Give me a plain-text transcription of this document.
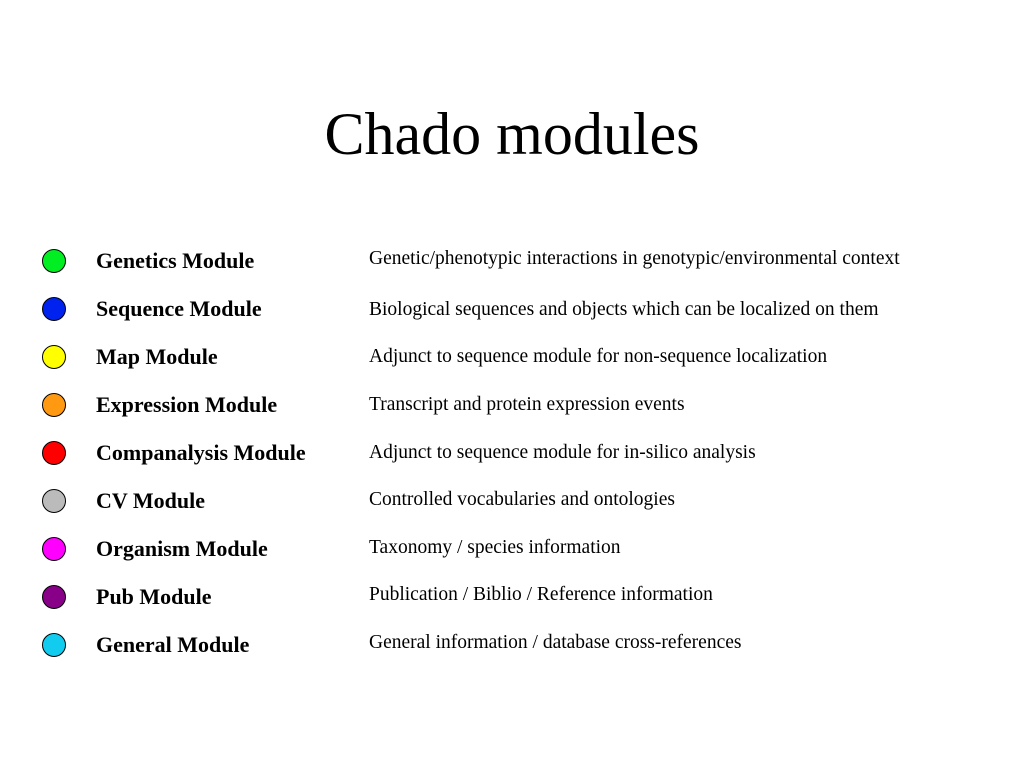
Chado modules
Genetics Module	Genetic/phenotypic interactions in genotypic/environmental context
Sequence Module	Biological sequences and objects which can be localized on them
Map Module	Adjunct to sequence module for non-sequence localization
Expression Module	Transcript and protein expression events
Companalysis Module	Adjunct to sequence module for in-silico analysis
CV Module	Controlled vocabularies and ontologies
Organism Module	Taxonomy / species information
Pub Module	Publication / Biblio / Reference information
General Module	General information / database cross-references
